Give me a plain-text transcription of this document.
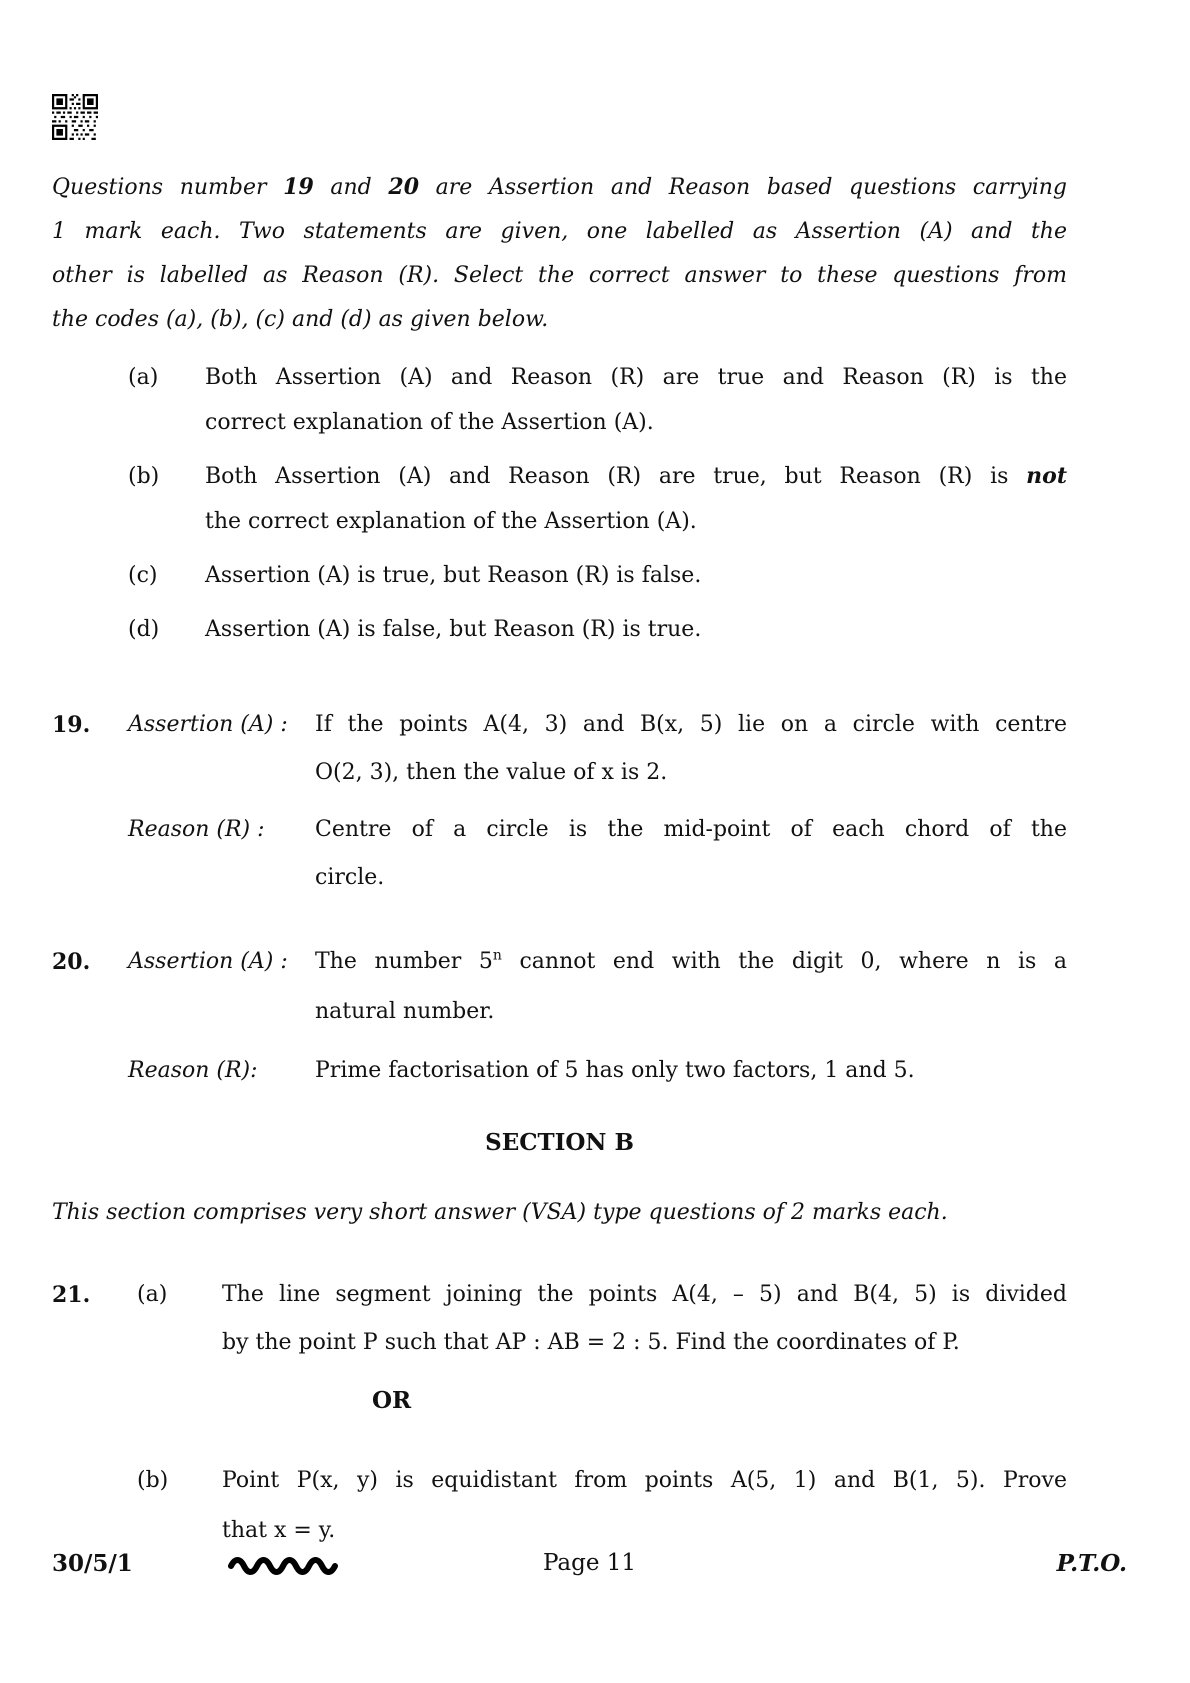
Questions number 19 and 20 are Assertion and Reason based questions carrying
1 mark each. Two statements are given, one labelled as Assertion (A) and the
other is labelled as Reason (R). Select the correct answer to these questions from
the codes (a), (b), (c) and (d) as given below.
(a)	Both Assertion (A) and Reason (R) are true and Reason (R) is the
correct explanation of the Assertion (A).
(b)	Both Assertion (A) and Reason (R) are true, but Reason (R) is not
the correct explanation of the Assertion (A).
(c)	Assertion (A) is true, but Reason (R) is false.
(d)	Assertion (A) is false, but Reason (R) is true.
19.	Assertion (A) :	If the points A(4, 3) and B(x, 5) lie on a circle with centre
O(2, 3), then the value of x is 2.
Reason (R) :	Centre of a circle is the mid-point of each chord of the
circle.
20.	Assertion (A) :	The number 5$^n$ cannot end with the digit 0, where n is a
natural number.
Reason (R):	Prime factorisation of 5 has only two factors, 1 and 5.
SECTION B
This section comprises very short answer (VSA) type questions of 2 marks each.
21.	(a)	The line segment joining the points A(4, – 5) and B(4, 5) is divided
by the point P such that AP : AB = 2 : 5. Find the coordinates of P.
OR
(b)	Point P(x, y) is equidistant from points A(5, 1) and B(1, 5). Prove
that x = y.
30/5/1	Page 11	P.T.O.
